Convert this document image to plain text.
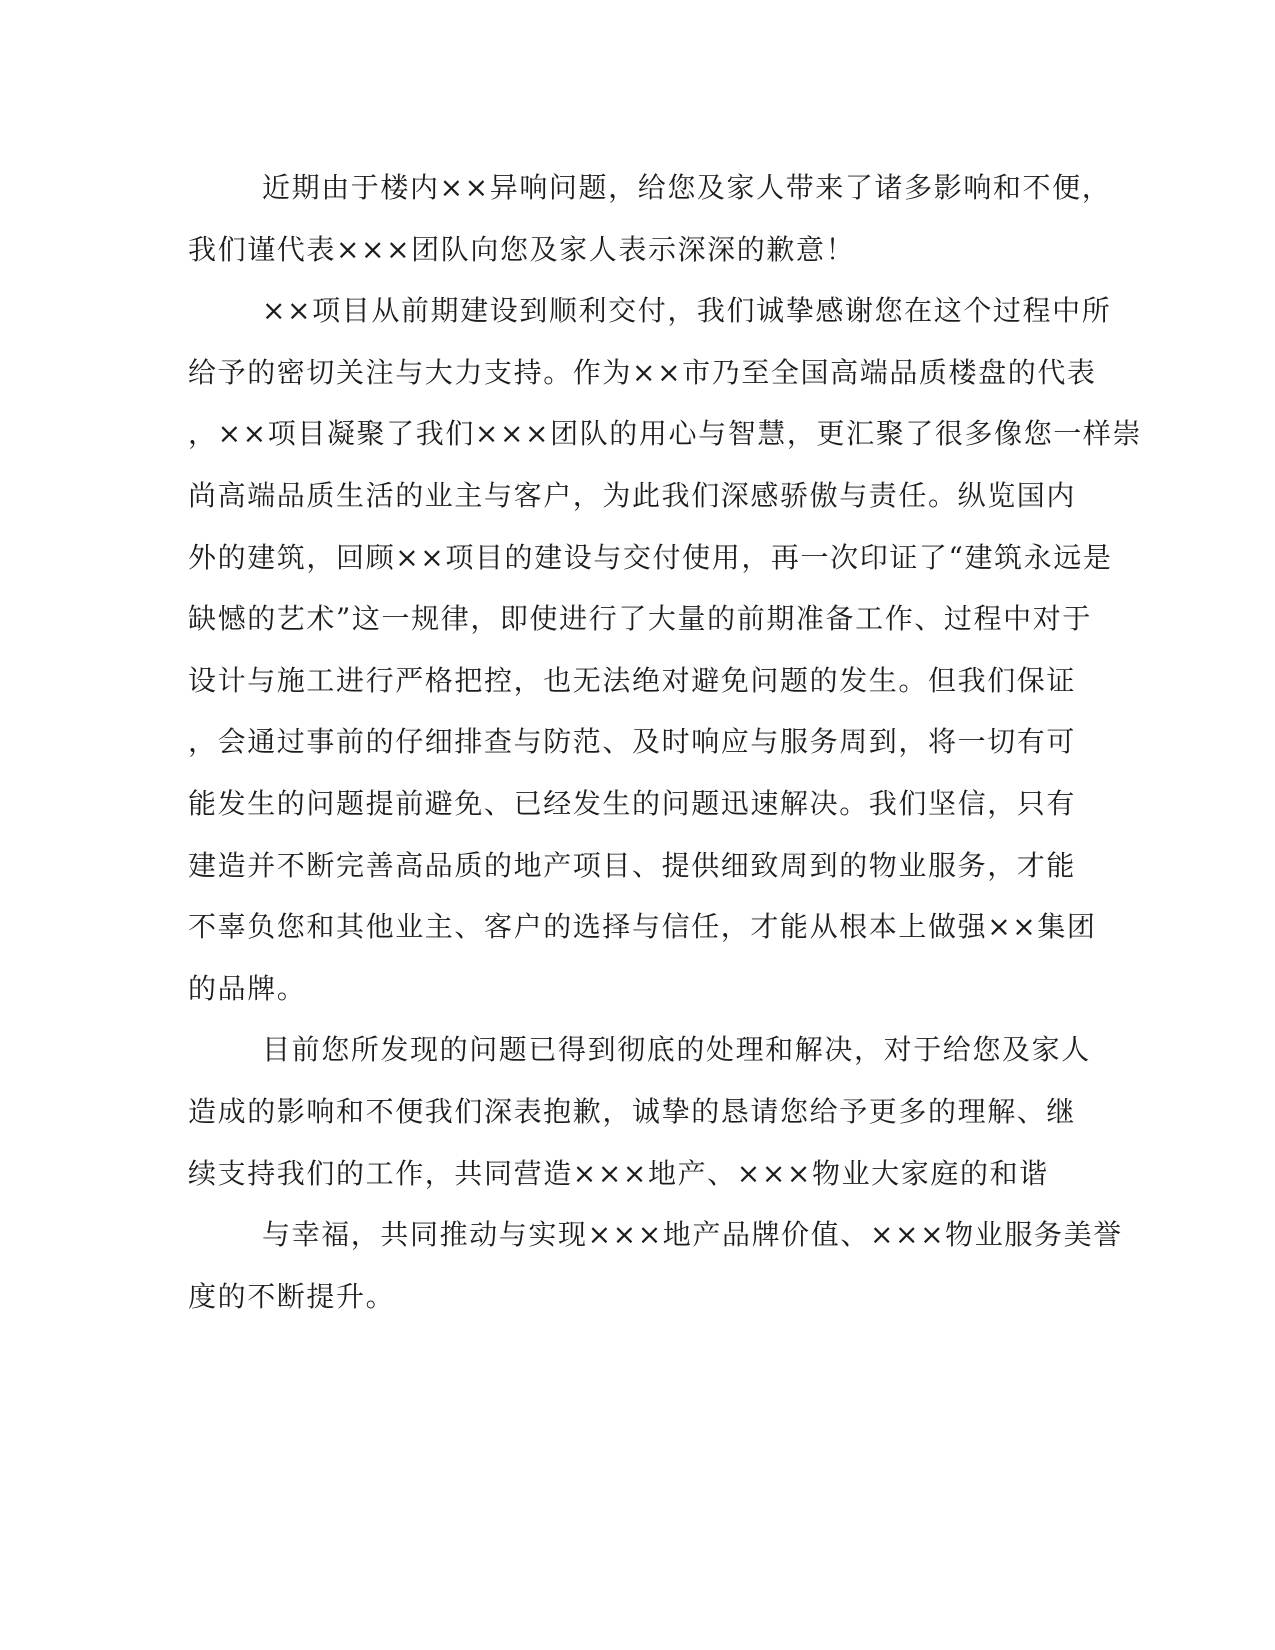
近期由于楼内××异响问题，给您及家人带来了诸多影响和不便，
我们谨代表×××团队向您及家人表示深深的歉意！
××项目从前期建设到顺利交付，我们诚挚感谢您在这个过程中所
给予的密切关注与大力支持。作为××市乃至全国高端品质楼盘的代表
，××项目凝聚了我们×××团队的用心与智慧，更汇聚了很多像您一样崇
尚高端品质生活的业主与客户，为此我们深感骄傲与责任。纵览国内
外的建筑，回顾××项目的建设与交付使用，再一次印证了“建筑永远是
缺憾的艺术”这一规律，即使进行了大量的前期准备工作、过程中对于
设计与施工进行严格把控，也无法绝对避免问题的发生。但我们保证
，会通过事前的仔细排查与防范、及时响应与服务周到，将一切有可
能发生的问题提前避免、已经发生的问题迅速解决。我们坚信，只有
建造并不断完善高品质的地产项目、提供细致周到的物业服务，才能
不辜负您和其他业主、客户的选择与信任，才能从根本上做强××集团
的品牌。
目前您所发现的问题已得到彻底的处理和解决，对于给您及家人
造成的影响和不便我们深表抱歉，诚挚的恳请您给予更多的理解、继
续支持我们的工作，共同营造×××地产、×××物业大家庭的和谐
与幸福，共同推动与实现×××地产品牌价值、×××物业服务美誉
度的不断提升。
